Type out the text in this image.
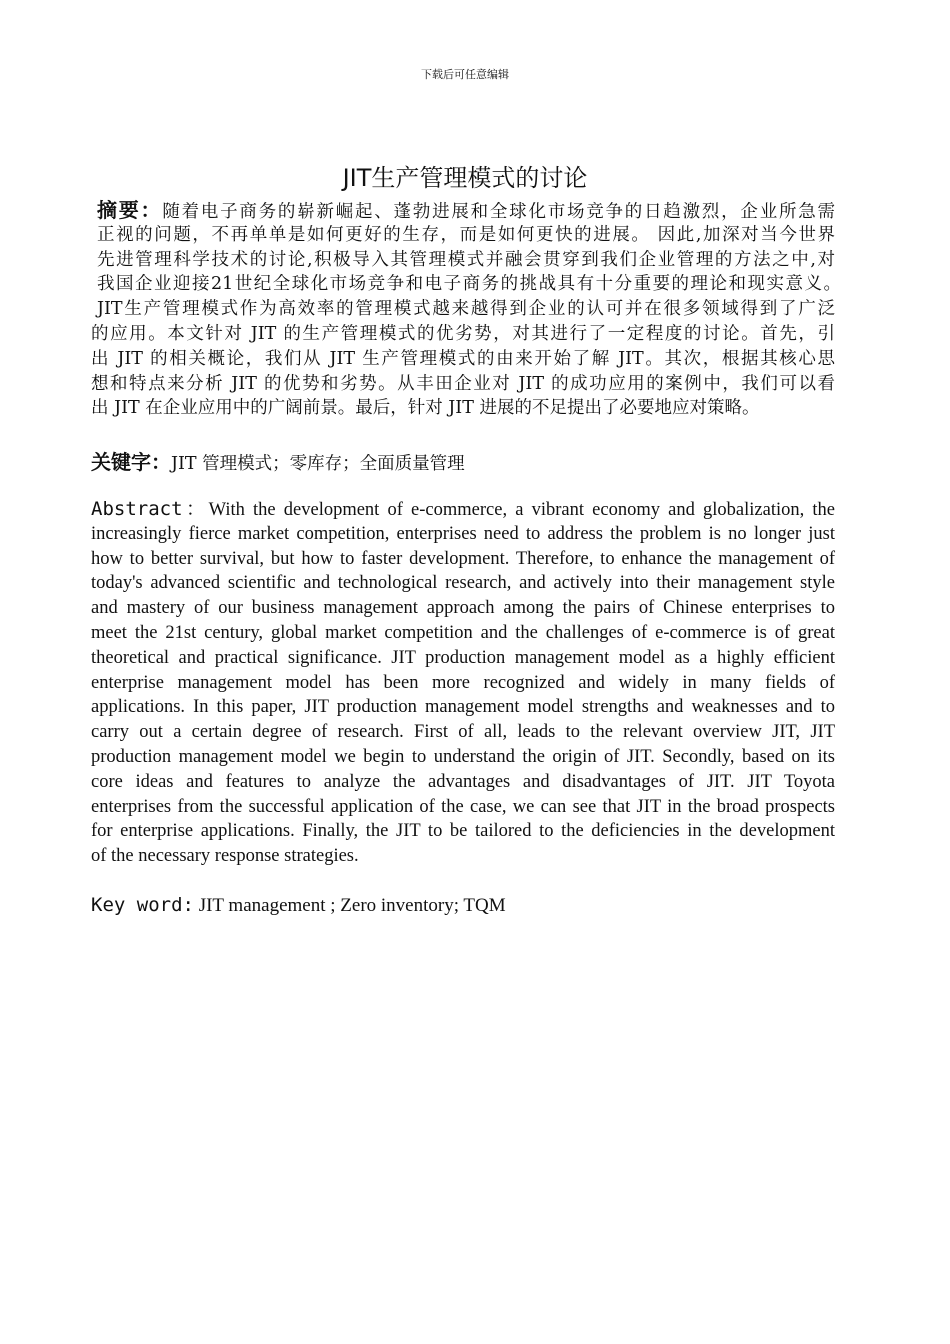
下载后可任意编辑
JIT生产管理模式的讨论
摘要：随着电子商务的崭新崛起、蓬勃进展和全球化市场竞争的日趋激烈，企业所急需
正视的问题，不再单单是如何更好的生存，而是如何更快的进展。 因此,加深对当今世界
先进管理科学技术的讨论,积极导入其管理模式并融会贯穿到我们企业管理的方法之中,对
我国企业迎接21世纪全球化市场竞争和电子商务的挑战具有十分重要的理论和现实意义。
JIT生产管理模式作为高效率的管理模式越来越得到企业的认可并在很多领域得到了广泛
的应用。本文针对 JIT 的生产管理模式的优劣势，对其进行了一定程度的讨论。首先，引
出 JIT 的相关概论，我们从 JIT 生产管理模式的由来开始了解 JIT。其次，根据其核心思
想和特点来分析 JIT 的优势和劣势。从丰田企业对 JIT 的成功应用的案例中，我们可以看
出 JIT 在企业应用中的广阔前景。最后，针对 JIT 进展的不足提出了必要地应对策略。
关键字：JIT 管理模式；零库存；全面质量管理
Abstract：With the development of e-commerce, a vibrant economy and globalization, the
increasingly fierce market competition, enterprises need to address the problem is no longer just
how to better survival, but how to faster development. Therefore, to enhance the management of
today's advanced scientific and technological research, and actively into their management style
and mastery of our business management approach among the pairs of Chinese enterprises to
meet the 21st century, global market competition and the challenges of e-commerce is of great
theoretical and practical significance. JIT production management model as a highly efficient
enterprise management model has been more recognized and widely in many fields of
applications. In this paper, JIT production management model strengths and weaknesses and to
carry out a certain degree of research. First of all, leads to the relevant overview JIT, JIT
production management model we begin to understand the origin of JIT. Secondly, based on its
core ideas and features to analyze the advantages and disadvantages of JIT. JIT Toyota
enterprises from the successful application of the case, we can see that JIT in the broad prospects
for enterprise applications. Finally, the JIT to be tailored to the deficiencies in the development
of the necessary response strategies.
Key word: JIT management ; Zero inventory; TQM
